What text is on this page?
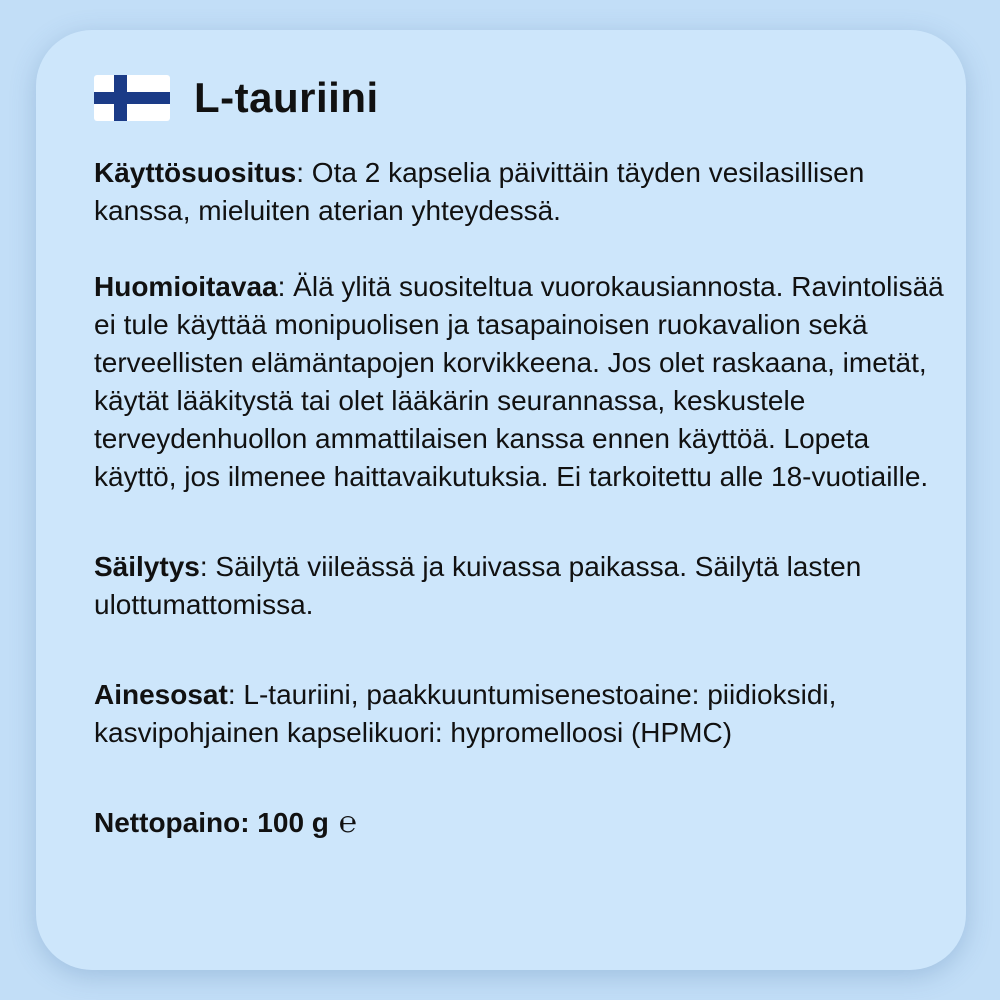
L-tauriini

Käyttösuositus: Ota 2 kapselia päivittäin täyden vesilasillisen kanssa, mieluiten aterian yhteydessä.

Huomioitavaa: Älä ylitä suositeltua vuorokausiannosta. Ravintolisää ei tule käyttää monipuolisen ja tasapainoisen ruokavalion sekä terveellisten elämäntapojen korvikkeena. Jos olet raskaana, imetät, käytät lääkitystä tai olet lääkärin seurannassa, keskustele terveydenhuollon ammattilaisen kanssa ennen käyttöä. Lopeta käyttö, jos ilmenee haittavaikutuksia. Ei tarkoitettu alle 18-vuotiaille.

Säilytys: Säilytä viileässä ja kuivassa paikassa. Säilytä lasten ulottumattomissa.

Ainesosat: L-tauriini, paakkuuntumisenestoaine: piidioksidi, kasvipohjainen kapselikuori: hypromelloosi (HPMC)

Nettopaino: 100 g ℮
